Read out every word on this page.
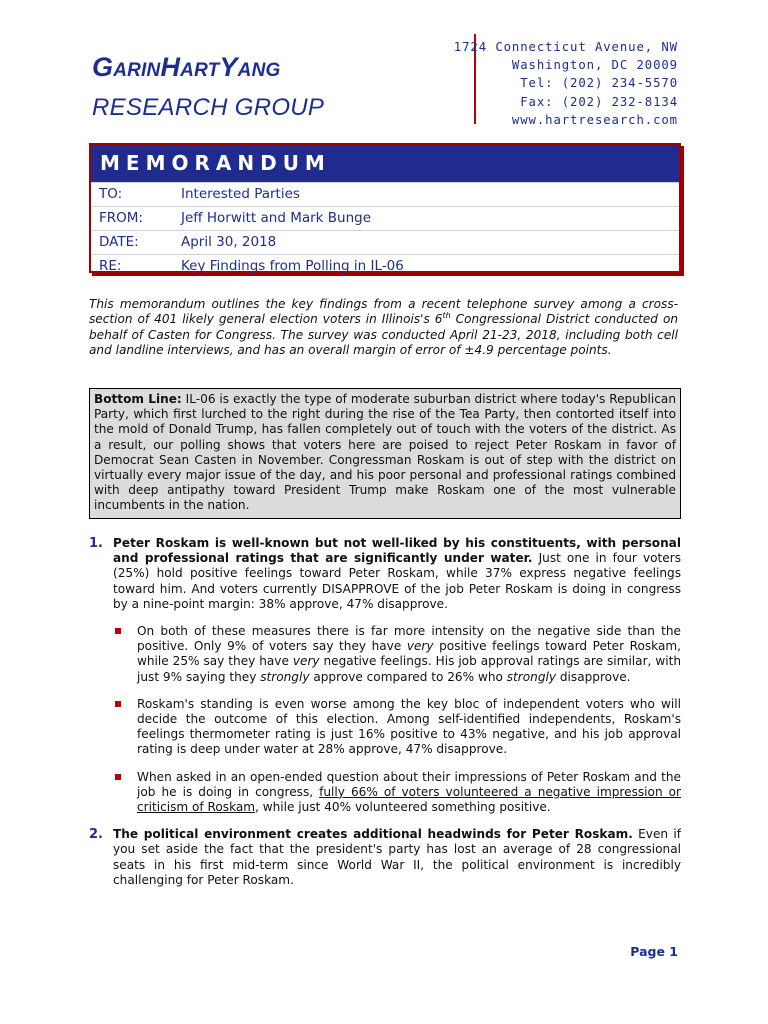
GarinHartYang
RESEARCH GROUP
1724 Connecticut Avenue, NW
Washington, DC 20009
Tel: (202) 234-5570
Fax: (202) 232-8134
www.hartresearch.com
MEMORANDUM
TO:	Interested Parties
FROM:	Jeff Horwitt and Mark Bunge
DATE:	April 30, 2018
RE:	Key Findings from Polling in IL-06
This memorandum outlines the key findings from a recent telephone survey among a cross-section of 401 likely general election voters in Illinois's 6th Congressional District conducted on behalf of Casten for Congress. The survey was conducted April 21-23, 2018, including both cell and landline interviews, and has an overall margin of error of ±4.9 percentage points.
Bottom Line: IL-06 is exactly the type of moderate suburban district where today's Republican Party, which first lurched to the right during the rise of the Tea Party, then contorted itself into the mold of Donald Trump, has fallen completely out of touch with the voters of the district. As a result, our polling shows that voters here are poised to reject Peter Roskam in favor of Democrat Sean Casten in November. Congressman Roskam is out of step with the district on virtually every major issue of the day, and his poor personal and professional ratings combined with deep antipathy toward President Trump make Roskam one of the most vulnerable incumbents in the nation.
1. Peter Roskam is well-known but not well-liked by his constituents, with personal and professional ratings that are significantly under water. Just one in four voters (25%) hold positive feelings toward Peter Roskam, while 37% express negative feelings toward him. And voters currently DISAPPROVE of the job Peter Roskam is doing in congress by a nine-point margin: 38% approve, 47% disapprove.
On both of these measures there is far more intensity on the negative side than the positive. Only 9% of voters say they have very positive feelings toward Peter Roskam, while 25% say they have very negative feelings. His job approval ratings are similar, with just 9% saying they strongly approve compared to 26% who strongly disapprove.
Roskam's standing is even worse among the key bloc of independent voters who will decide the outcome of this election. Among self-identified independents, Roskam's feelings thermometer rating is just 16% positive to 43% negative, and his job approval rating is deep under water at 28% approve, 47% disapprove.
When asked in an open-ended question about their impressions of Peter Roskam and the job he is doing in congress, fully 66% of voters volunteered a negative impression or criticism of Roskam, while just 40% volunteered something positive.
2. The political environment creates additional headwinds for Peter Roskam. Even if you set aside the fact that the president's party has lost an average of 28 congressional seats in his first mid-term since World War II, the political environment is incredibly challenging for Peter Roskam.
Page 1
